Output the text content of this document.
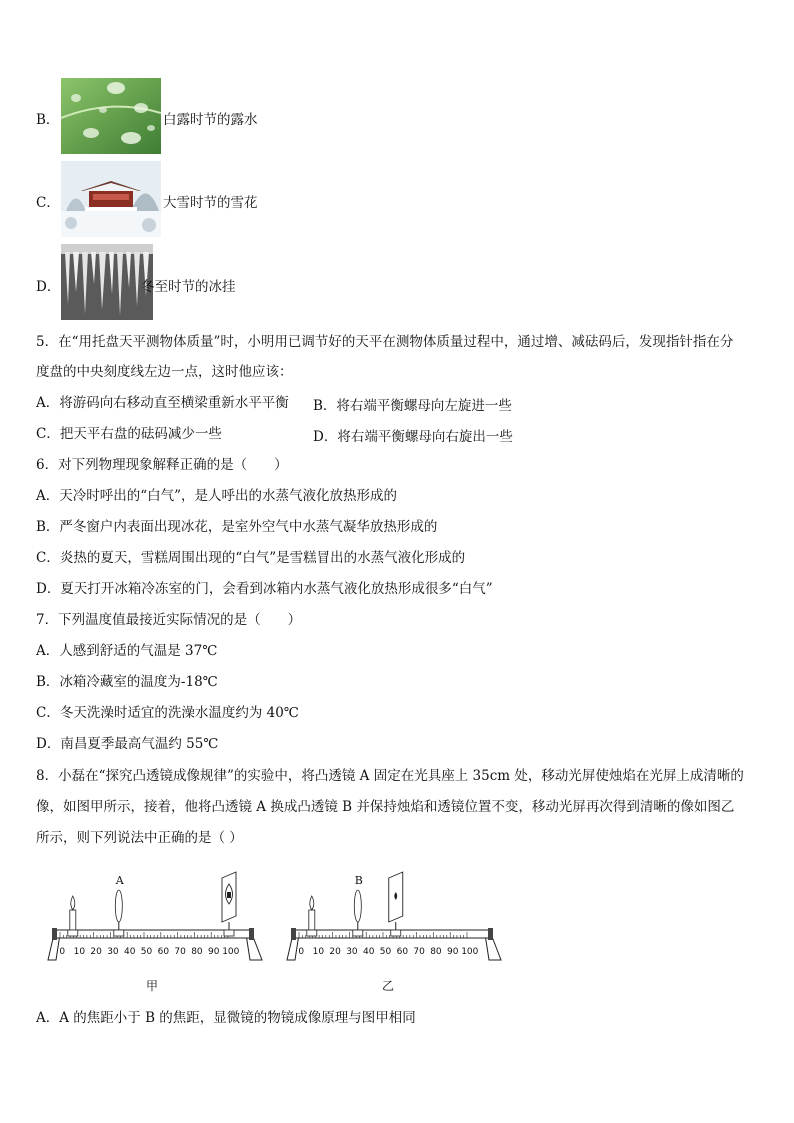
B．	白露时节的露水
C．	大雪时节的雪花
D．	冬至时节的冰挂
5．在“用托盘天平测物体质量”时，小明用已调节好的天平在测物体质量过程中，通过增、减砝码后，发现指针指在分
度盘的中央刻度线左边一点，这时他应该：
A．将游码向右移动直至横梁重新水平平衡 B．将右端平衡螺母向左旋进一些
C．把天平右盘的砝码减少一些	D．将右端平衡螺母向右旋出一些
6．对下列物理现象解释正确的是（　　）
A．天冷时呼出的“白气”，是人呼出的水蒸气液化放热形成的
B．严冬窗户内表面出现冰花，是室外空气中水蒸气凝华放热形成的
C．炎热的夏天，雪糕周围出现的“白气”是雪糕冒出的水蒸气液化形成的
D．夏天打开冰箱冷冻室的门，会看到冰箱内水蒸气液化放热形成很多“白气”
7．下列温度值最接近实际情况的是（　　）
A．人感到舒适的气温是 37℃
B．冰箱冷藏室的温度为-18℃
C．冬天洗澡时适宜的洗澡水温度约为 40℃
D．南昌夏季最高气温约 55℃
8．小磊在“探究凸透镜成像规律”的实验中，将凸透镜 A 固定在光具座上 35cm 处，移动光屏使烛焰在光屏上成清晰的
像，如图甲所示，接着，他将凸透镜 A 换成凸透镜 B 并保持烛焰和透镜位置不变，移动光屏再次得到清晰的像如图乙
所示，则下列说法中正确的是（ ）
0 10 20 30 40 50 60 70 80 90 100
A
甲
0 10 20 30 40 50 60 70 80 90 100
B
乙
A．A 的焦距小于 B 的焦距，显微镜的物镜成像原理与图甲相同
